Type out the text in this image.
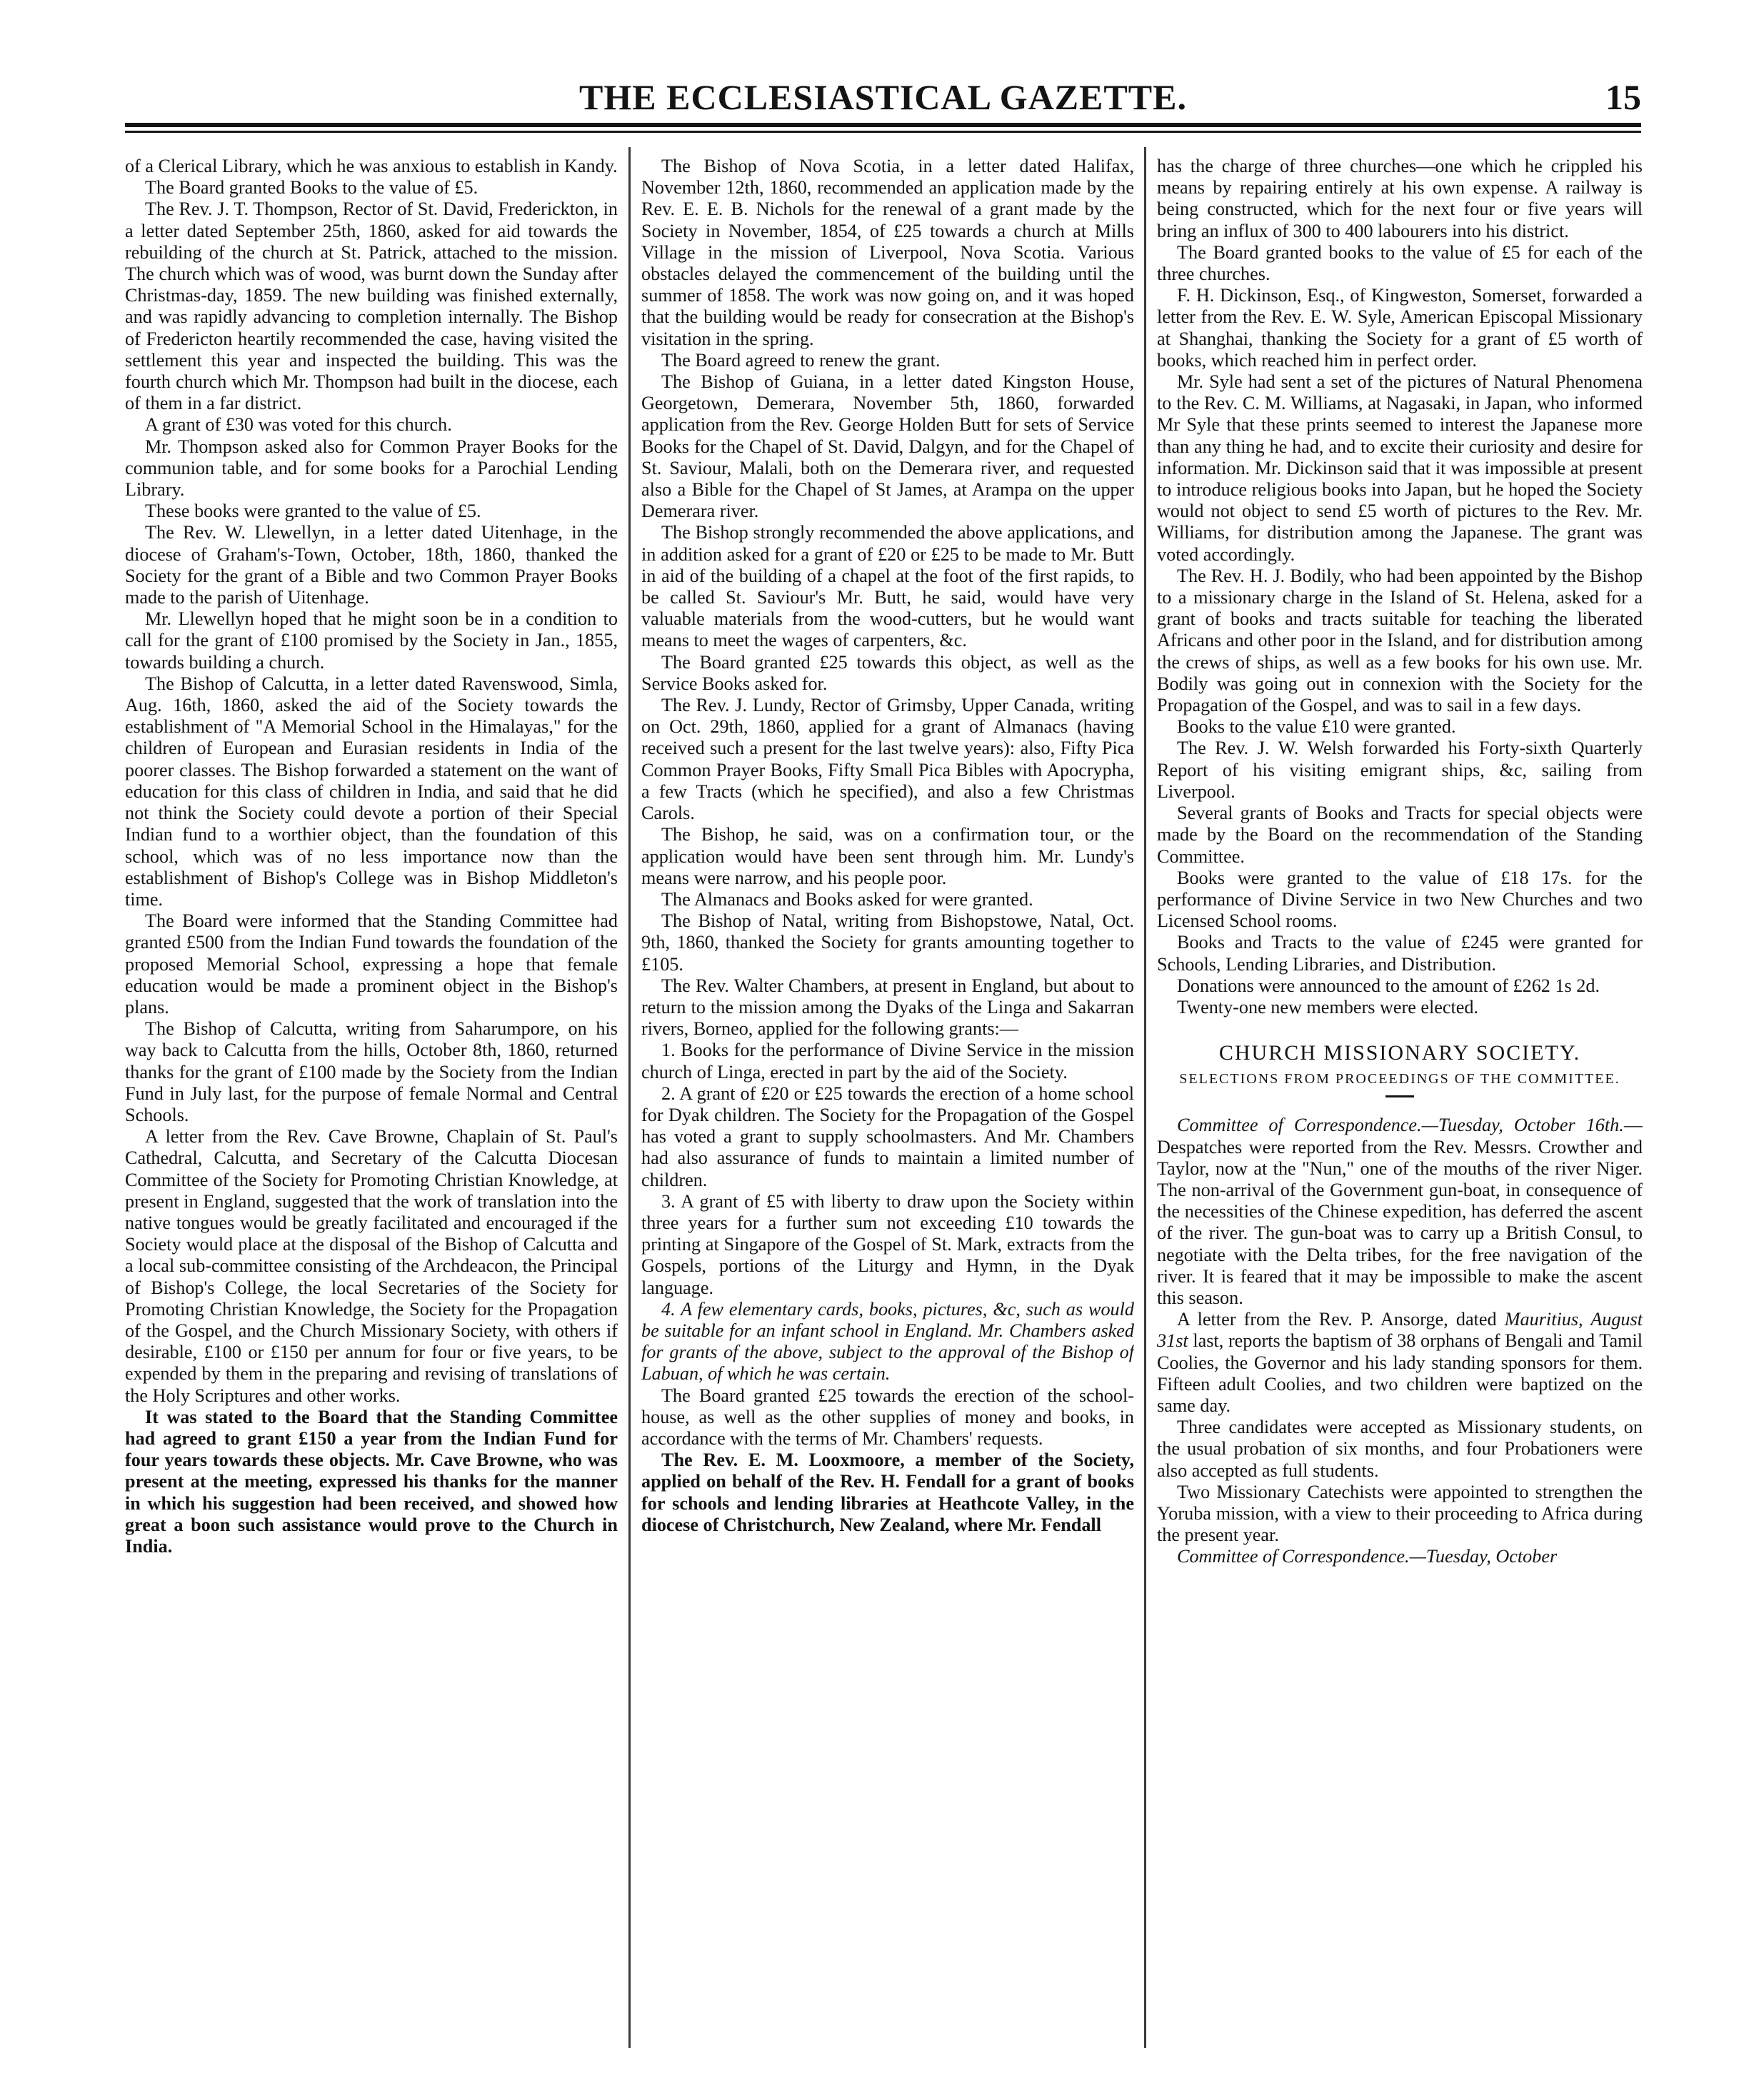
THE ECCLESIASTICAL GAZETTE.	15

of a Clerical Library, which he was anxious to establish in Kandy.

The Board granted Books to the value of £5.

The Rev. J. T. Thompson, Rector of St. David, Frederickton, in a letter dated September 25th, 1860, asked for aid towards the rebuilding of the church at St. Patrick, attached to the mission. The church which was of wood, was burnt down the Sunday after Christmas-day, 1859. The new building was finished externally, and was rapidly advancing to completion internally. The Bishop of Fredericton heartily recommended the case, having visited the settlement this year and inspected the building. This was the fourth church which Mr. Thompson had built in the diocese, each of them in a far district.

A grant of £30 was voted for this church.

Mr. Thompson asked also for Common Prayer Books for the communion table, and for some books for a Parochial Lending Library.

These books were granted to the value of £5.

The Rev. W. Llewellyn, in a letter dated Uitenhage, in the diocese of Graham's-Town, October, 18th, 1860, thanked the Society for the grant of a Bible and two Common Prayer Books made to the parish of Uitenhage.

Mr. Llewellyn hoped that he might soon be in a condition to call for the grant of £100 promised by the Society in Jan., 1855, towards building a church.

The Bishop of Calcutta, in a letter dated Ravenswood, Simla, Aug. 16th, 1860, asked the aid of the Society towards the establishment of "A Memorial School in the Himalayas," for the children of European and Eurasian residents in India of the poorer classes. The Bishop forwarded a statement on the want of education for this class of children in India, and said that he did not think the Society could devote a portion of their Special Indian fund to a worthier object, than the foundation of this school, which was of no less importance now than the establishment of Bishop's College was in Bishop Middleton's time.

The Board were informed that the Standing Committee had granted £500 from the Indian Fund towards the foundation of the proposed Memorial School, expressing a hope that female education would be made a prominent object in the Bishop's plans.

The Bishop of Calcutta, writing from Saharumpore, on his way back to Calcutta from the hills, October 8th, 1860, returned thanks for the grant of £100 made by the Society from the Indian Fund in July last, for the purpose of female Normal and Central Schools.

A letter from the Rev. Cave Browne, Chaplain of St. Paul's Cathedral, Calcutta, and Secretary of the Calcutta Diocesan Committee of the Society for Promoting Christian Knowledge, at present in England, suggested that the work of translation into the native tongues would be greatly facilitated and encouraged if the Society would place at the disposal of the Bishop of Calcutta and a local sub-committee consisting of the Archdeacon, the Principal of Bishop's College, the local Secretaries of the Society for Promoting Christian Knowledge, the Society for the Propagation of the Gospel, and the Church Missionary Society, with others if desirable, £100 or £150 per annum for four or five years, to be expended by them in the preparing and revising of translations of the Holy Scriptures and other works.

It was stated to the Board that the Standing Committee had agreed to grant £150 a year from the Indian Fund for four years towards these objects. Mr. Cave Browne, who was present at the meeting, expressed his thanks for the manner in which his suggestion had been received, and showed how great a boon such assistance would prove to the Church in India.

The Bishop of Nova Scotia, in a letter dated Halifax, November 12th, 1860, recommended an application made by the Rev. E. E. B. Nichols for the renewal of a grant made by the Society in November, 1854, of £25 towards a church at Mills Village in the mission of Liverpool, Nova Scotia. Various obstacles delayed the commencement of the building until the summer of 1858. The work was now going on, and it was hoped that the building would be ready for consecration at the Bishop's visitation in the spring.

The Board agreed to renew the grant.

The Bishop of Guiana, in a letter dated Kingston House, Georgetown, Demerara, November 5th, 1860, forwarded application from the Rev. George Holden Butt for sets of Service Books for the Chapel of St. David, Dalgyn, and for the Chapel of St. Saviour, Malali, both on the Demerara river, and requested also a Bible for the Chapel of St James, at Arampa on the upper Demerara river.

The Bishop strongly recommended the above applications, and in addition asked for a grant of £20 or £25 to be made to Mr. Butt in aid of the building of a chapel at the foot of the first rapids, to be called St. Saviour's Mr. Butt, he said, would have very valuable materials from the wood-cutters, but he would want means to meet the wages of carpenters, &c.

The Board granted £25 towards this object, as well as the Service Books asked for.

The Rev. J. Lundy, Rector of Grimsby, Upper Canada, writing on Oct. 29th, 1860, applied for a grant of Almanacs (having received such a present for the last twelve years): also, Fifty Pica Common Prayer Books, Fifty Small Pica Bibles with Apocrypha, a few Tracts (which he specified), and also a few Christmas Carols.

The Bishop, he said, was on a confirmation tour, or the application would have been sent through him. Mr. Lundy's means were narrow, and his people poor.

The Almanacs and Books asked for were granted.

The Bishop of Natal, writing from Bishopstowe, Natal, Oct. 9th, 1860, thanked the Society for grants amounting together to £105.

The Rev. Walter Chambers, at present in England, but about to return to the mission among the Dyaks of the Linga and Sakarran rivers, Borneo, applied for the following grants:—

1. Books for the performance of Divine Service in the mission church of Linga, erected in part by the aid of the Society.

2. A grant of £20 or £25 towards the erection of a home school for Dyak children. The Society for the Propagation of the Gospel has voted a grant to supply schoolmasters. And Mr. Chambers had also assurance of funds to maintain a limited number of children.

3. A grant of £5 with liberty to draw upon the Society within three years for a further sum not exceeding £10 towards the printing at Singapore of the Gospel of St. Mark, extracts from the Gospels, portions of the Liturgy and Hymn, in the Dyak language.

4. A few elementary cards, books, pictures, &c, such as would be suitable for an infant school in England. Mr. Chambers asked for grants of the above, subject to the approval of the Bishop of Labuan, of which he was certain.

The Board granted £25 towards the erection of the school-house, as well as the other supplies of money and books, in accordance with the terms of Mr. Chambers' requests.

The Rev. E. M. Looxmoore, a member of the Society, applied on behalf of the Rev. H. Fendall for a grant of books for schools and lending libraries at Heathcote Valley, in the diocese of Christchurch, New Zealand, where Mr. Fendall

has the charge of three churches—one which he crippled his means by repairing entirely at his own expense. A railway is being constructed, which for the next four or five years will bring an influx of 300 to 400 labourers into his district.

The Board granted books to the value of £5 for each of the three churches.

F. H. Dickinson, Esq., of Kingweston, Somerset, forwarded a letter from the Rev. E. W. Syle, American Episcopal Missionary at Shanghai, thanking the Society for a grant of £5 worth of books, which reached him in perfect order.

Mr. Syle had sent a set of the pictures of Natural Phenomena to the Rev. C. M. Williams, at Nagasaki, in Japan, who informed Mr Syle that these prints seemed to interest the Japanese more than any thing he had, and to excite their curiosity and desire for information. Mr. Dickinson said that it was impossible at present to introduce religious books into Japan, but he hoped the Society would not object to send £5 worth of pictures to the Rev. Mr. Williams, for distribution among the Japanese. The grant was voted accordingly.

The Rev. H. J. Bodily, who had been appointed by the Bishop to a missionary charge in the Island of St. Helena, asked for a grant of books and tracts suitable for teaching the liberated Africans and other poor in the Island, and for distribution among the crews of ships, as well as a few books for his own use. Mr. Bodily was going out in connexion with the Society for the Propagation of the Gospel, and was to sail in a few days.

Books to the value £10 were granted.

The Rev. J. W. Welsh forwarded his Forty-sixth Quarterly Report of his visiting emigrant ships, &c, sailing from Liverpool.

Several grants of Books and Tracts for special objects were made by the Board on the recommendation of the Standing Committee.

Books were granted to the value of £18 17s. for the performance of Divine Service in two New Churches and two Licensed School rooms.

Books and Tracts to the value of £245 were granted for Schools, Lending Libraries, and Distribution.

Donations were announced to the amount of £262 1s 2d.

Twenty-one new members were elected.

CHURCH MISSIONARY SOCIETY.
SELECTIONS FROM PROCEEDINGS OF THE COMMITTEE.

Committee of Correspondence.—Tuesday, October 16th.—Despatches were reported from the Rev. Messrs. Crowther and Taylor, now at the "Nun," one of the mouths of the river Niger. The non-arrival of the Government gun-boat, in consequence of the necessities of the Chinese expedition, has deferred the ascent of the river. The gun-boat was to carry up a British Consul, to negotiate with the Delta tribes, for the free navigation of the river. It is feared that it may be impossible to make the ascent this season.

A letter from the Rev. P. Ansorge, dated Mauritius, August 31st last, reports the baptism of 38 orphans of Bengali and Tamil Coolies, the Governor and his lady standing sponsors for them. Fifteen adult Coolies, and two children were baptized on the same day.

Three candidates were accepted as Missionary students, on the usual probation of six months, and four Probationers were also accepted as full students.

Two Missionary Catechists were appointed to strengthen the Yoruba mission, with a view to their proceeding to Africa during the present year.

Committee of Correspondence.—Tuesday, October
